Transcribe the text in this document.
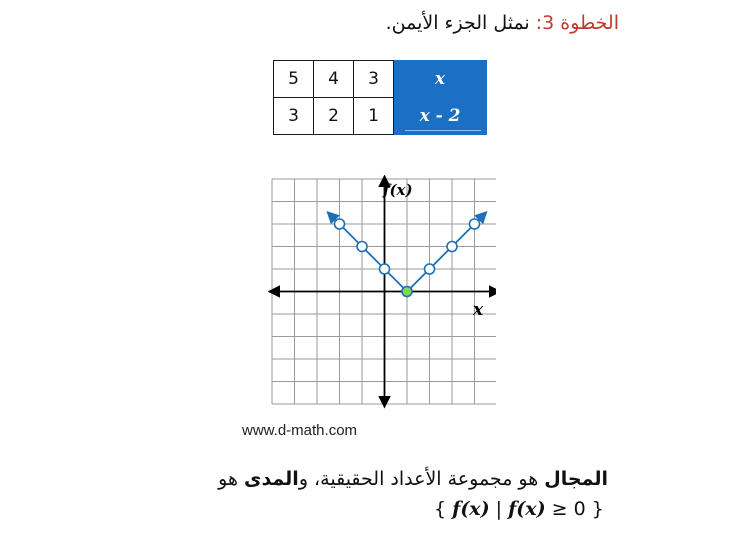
الخطوة 3: نمثل الجزء الأيمن.
5	4	3	𝒙
3	2	1	𝒙 - 2
f(x)
x
www.d-math.com
المجال هو مجموعة الأعداد الحقيقية، والمدى هو
{ f(x) | f(x) ≥ 0 }
